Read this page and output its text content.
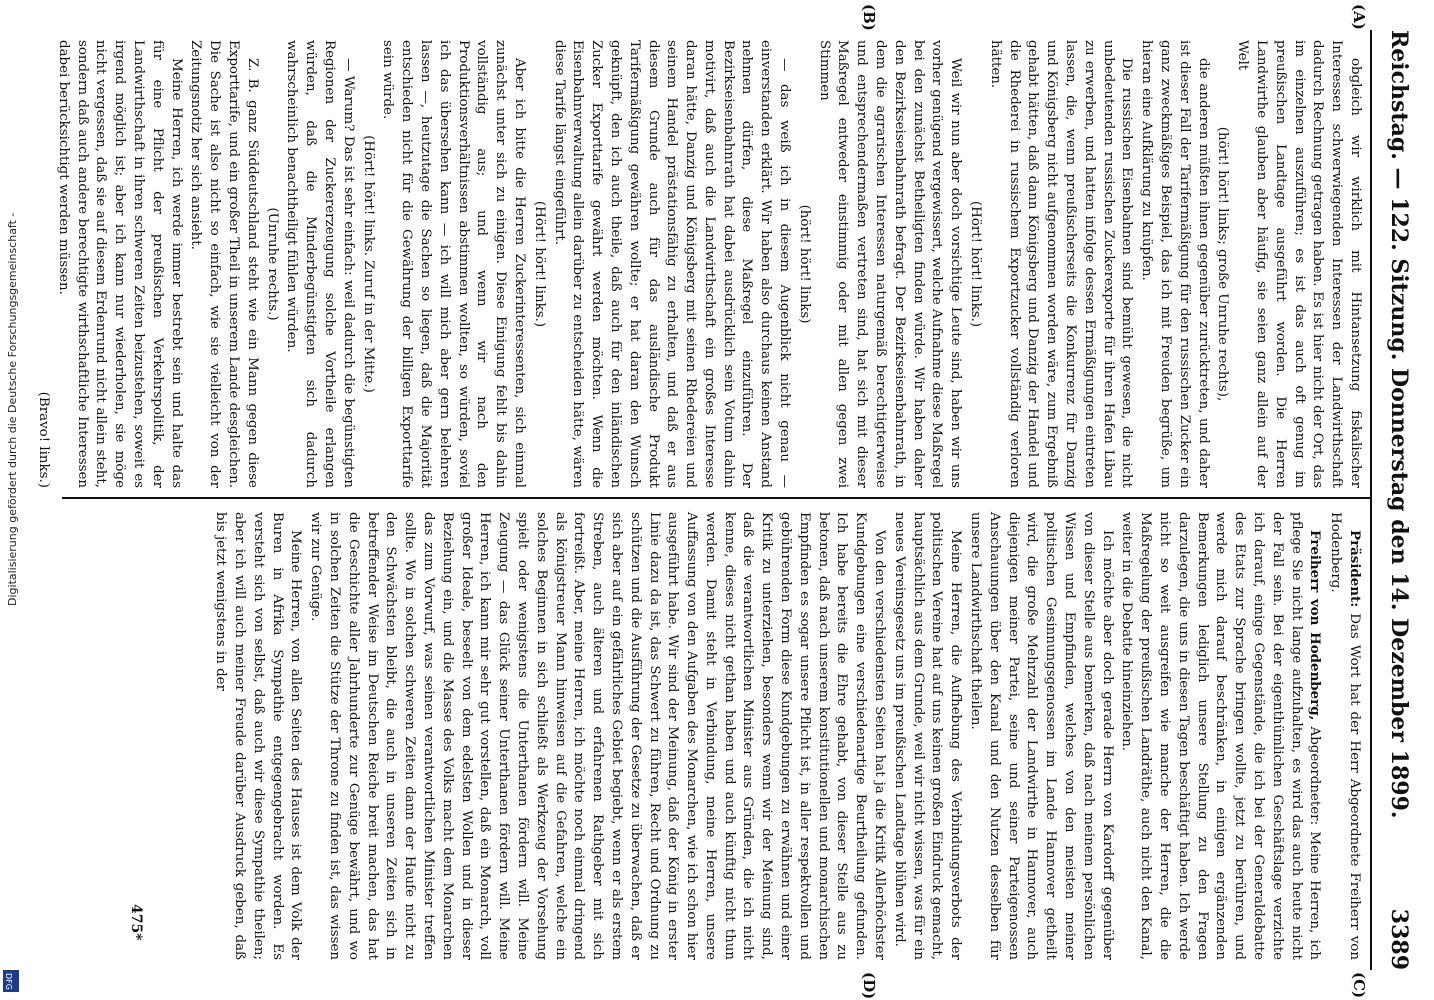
Reichstag. — 122. Sitzung. Donnerstag den 14. Dezember 1899.
3389
(A)
(B)
(C)
(D)

obgleich wir wirklich mit Hintansetzung fiskalischer Interessen schwerwiegenden Interessen der Landwirthschaft dadurch Rechnung getragen haben. Es ist hier nicht der Ort, das im einzelnen auszuführen; es ist das auch oft genug im preußischen Landtage ausgeführt worden. Die Herren Landwirthe glauben aber häufig, sie seien ganz allein auf der Welt

(hört! hört! links; große Unruhe rechts),

die anderen müßten ihnen gegenüber zurücktreten, und daher ist dieser Fall der Tarifermäßigung für den russischen Zucker ein ganz zweckmäßiges Beispiel, das ich mit Freuden begrüße, um hieran eine Aufklärung zu knüpfen.

Die russischen Eisenbahnen sind bemüht gewesen, die nicht unbedeutenden russischen Zuckerexporte für ihren Hafen Libau zu erwerben, und hatten infolge dessen Ermäßigungen eintreten lassen, die, wenn preußischerseits die Konkurrenz für Danzig und Königsberg nicht aufgenommen worden wäre, zum Ergebniß gehabt hätten, daß dann Königsberg und Danzig der Handel und die Rhederei in russischem Exportzucker vollständig verloren hätten.

(Hört! hört! links.)

Weil wir nun aber doch vorsichtige Leute sind, haben wir uns vorher genügend vergewissert, welche Aufnahme diese Maßregel bei den zunächst Betheiligten finden würde. Wir haben daher den Bezirkseisenbahnrath befragt. Der Bezirkseisenbahnrath, in dem die agrarischen Interessen naturgemäß berechtigterweise und entsprechendermaßen vertreten sind, hat sich mit dieser Maßregel entweder einstimmig oder mit allen gegen zwei Stimmen

(hört! hört! links)

— das weiß ich in diesem Augenblick nicht genau — einverstanden erklärt. Wir haben also durchaus keinen Anstand nehmen dürfen, diese Maßregel einzuführen. Der Bezirkseisenbahnrath hat dabei ausdrücklich sein Votum dahin motivirt, daß auch die Landwirthschaft ein großes Interesse daran hätte, Danzig und Königsberg mit seinen Rhedereien und seinem Handel prästationsfähig zu erhalten, und daß er aus diesem Grunde auch für das ausländische Produkt Tarifermäßigung gewähren wollte; er hat daran den Wunsch geknüpft, den ich auch theile, daß auch für den inländischen Zucker Exporttarife gewährt werden möchten. Wenn die Eisenbahnverwaltung allein darüber zu entscheiden hätte, wären diese Tarife längst eingeführt.

(Hört! hört! links.)

Aber ich bitte die Herren Zuckerinteressenten, sich einmal zunächst unter sich zu einigen. Diese Einigung fehlt bis dahin vollständig aus; und wenn wir nach den Produktionsverhältnissen abstimmen wollten, so würden, soviel ich das übersehen kann — ich will mich aber gern belehren lassen —, heutzutage die Sachen so liegen, daß die Majorität entschieden nicht für die Gewährung der billigen Exporttarife sein würde.

(Hört! hört! links. Zuruf in der Mitte.)

— Warum? Das ist sehr einfach: weil dadurch die begünstigten Regionen der Zuckererzeugung solche Vortheile erlangen würden, daß die Minderbegünstigten sich dadurch wahrscheinlich benachtheiligt fühlen würden.

(Unruhe rechts.)

Z. B. ganz Süddeutschland steht wie ein Mann gegen diese Exporttarife, und ein großer Theil in unserem Lande desgleichen. Die Sache ist also nicht so einfach, wie sie vielleicht von der Zeitungsnotiz her sich ansieht.

Meine Herren, ich werde immer bestrebt sein und halte das für eine Pflicht der preußischen Verkehrspolitik, der Landwirthschaft in ihren schweren Zeiten beizustehen, soweit es irgend möglich ist; aber ich kann nur wiederholen, sie möge nicht vergessen, daß sie auf diesem Erdenrund nicht allein steht, sondern daß auch andere berechtigte wirthschaftliche Interessen dabei berücksichtigt werden müssen.

(Bravo! links.)

Präsident: Das Wort hat der Herr Abgeordnete Freiherr von Hodenberg.

Freiherr von Hodenberg, Abgeordneter: Meine Herren, ich pflege Sie nicht lange aufzuhalten, es wird das auch heute nicht der Fall sein. Bei der eigenthümlichen Geschäftslage verzichte ich darauf, einige Gegenstände, die ich bei der Generaldebatte des Etats zur Sprache bringen wollte, jetzt zu berühren, und werde mich darauf beschränken, in einigen ergänzenden Bemerkungen lediglich unsere Stellung zu den Fragen darzulegen, die uns in diesen Tagen beschäftigt haben. Ich werde nicht so weit ausgreifen wie manche der Herren, die die Maßregelung der preußischen Landräthe, auch nicht den Kanal, weiter in die Debatte hineinziehen.

Ich möchte aber doch gerade Herrn von Kardorff gegenüber von dieser Stelle aus bemerken, daß nach meinem persönlichen Wissen und Empfinden, welches von den meisten meiner politischen Gesinnungsgenossen im Lande Hannover getheilt wird, die große Mehrzahl der Landwirthe in Hannover, auch diejenigen meiner Partei, seine und seiner Parteigenossen Anschauungen über den Kanal und den Nutzen desselben für unsere Landwirthschaft theilen.

Meine Herren, die Aufhebung des Verbindungsverbots der politischen Vereine hat auf uns keinen großen Eindruck gemacht, hauptsächlich aus dem Grunde, weil wir nicht wissen, was für ein neues Vereinsgesetz uns im preußischen Landtage blühen wird.

Von den verschiedensten Seiten hat ja die Kritik Allerhöchster Kundgebungen eine verschiedenartige Beurtheilung gefunden. Ich habe bereits die Ehre gehabt, von dieser Stelle aus zu betonen, daß nach unserem konstitutionellen und monarchischen Empfinden es sogar unsere Pflicht ist, in aller respektvollen und gebührenden Form diese Kundgebungen zu erwähnen und einer Kritik zu unterziehen, besonders wenn wir der Meinung sind, daß die verantwortlichen Minister aus Gründen, die ich nicht kenne, dieses nicht gethan haben und auch künftig nicht thun werden. Damit steht in Verbindung, meine Herren, unsere Auffassung von den Aufgaben des Monarchen, wie ich schon hier ausgeführt habe. Wir sind der Meinung, daß der König in erster Linie dazu da ist, das Schwert zu führen, Recht und Ordnung zu schützen und die Ausführung der Gesetze zu überwachen, daß er sich aber auf ein gefährliches Gebiet begiebt, wenn er als erstem Streben, auch älteren und erfahrenen Rathgeber mit sich fortreißt. Aber, meine Herren, ich möchte noch einmal dringend als königstreuer Mann hinweisen auf die Gefahren, welche ein solches Beginnen in sich schließt als Werkzeug der Vorsehung spielt oder wenigstens die Unterthanen fördern will. Meine Zeugung — das Glück seiner Unterthanen fördern will. Meine Herren, ich kann mir sehr gut vorstellen, daß ein Monarch, voll großer Ideale, beseelt von dem edelsten Wollen und in dieser Beziehung ein, und die Masse des Volks macht dem Monarchen das zum Vorwurf, was seinen verantwortlichen Minister treffen sollte. Wo in solchen schweren Zeiten dann der Haufe nicht zu den Schwächsten bleibt, die auch in unseren Zeiten sich in betreffender Weise im Deutschen Reiche breit machen, das hat die Geschichte aller Jahrhunderte zur Genüge bewährt, und wo in solchen Zeiten die Stütze der Throne zu finden ist, das wissen wir zur Genüge.

Meine Herren, von allen Seiten des Hauses ist dem Volk der Buren in Afrika Sympathie entgegengebracht worden. Es versteht sich von selbst, daß auch wir diese Sympathie theilen; aber ich will auch meiner Freude darüber Ausdruck geben, daß bis jetzt wenigstens in der

475*
Digitalisierung gefördert durch die Deutsche Forschungsgemeinschaft -
DFG
